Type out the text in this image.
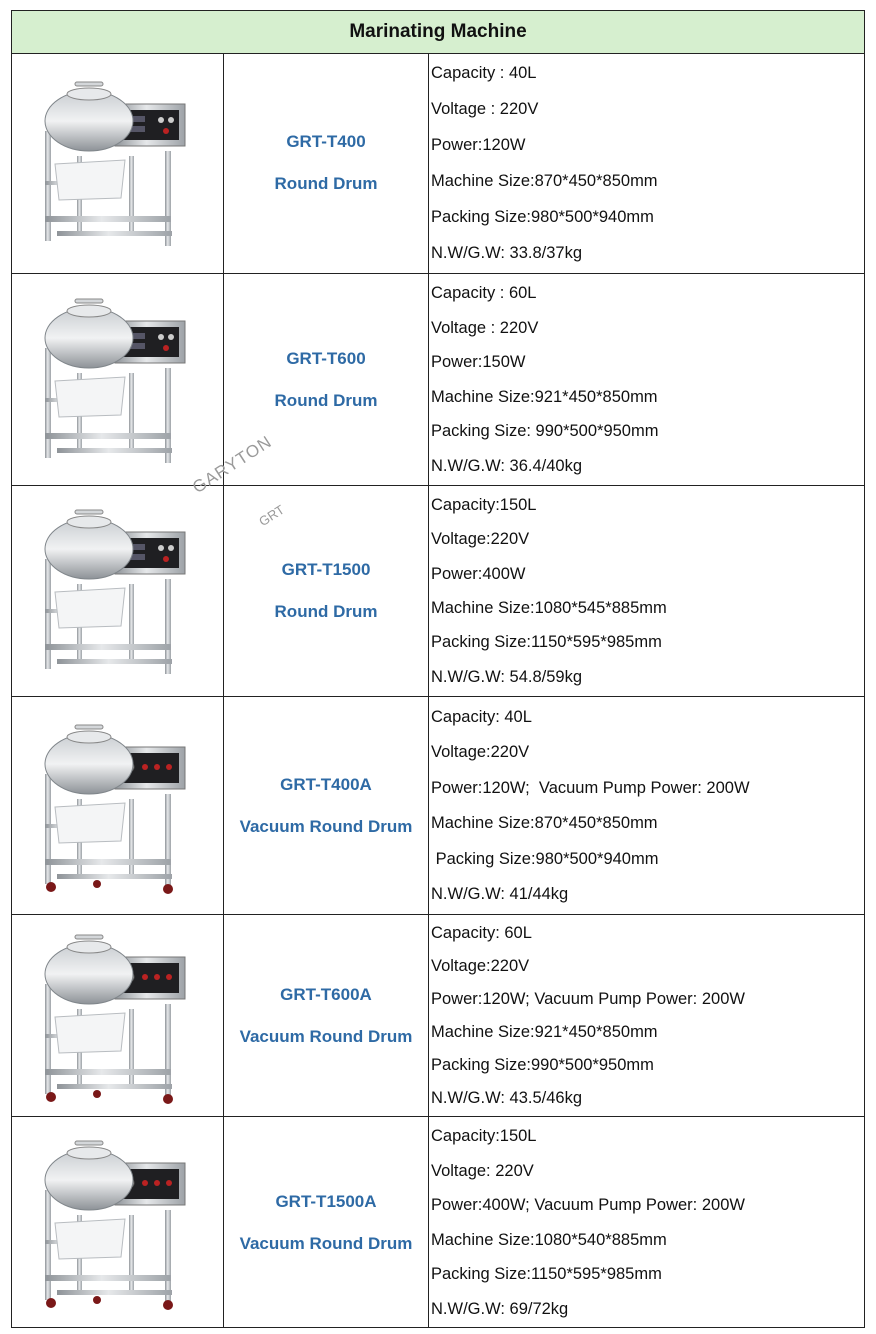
Marinating Machine
GRT-T400
Round Drum
Capacity : 40L
Voltage : 220V
Power:120W
Machine Size:870*450*850mm
Packing Size:980*500*940mm
N.W/G.W: 33.8/37kg
GRT-T600
Round Drum
Capacity : 60L
Voltage : 220V
Power:150W
Machine Size:921*450*850mm
Packing Size: 990*500*950mm
N.W/G.W: 36.4/40kg
GRT-T1500
Round Drum
Capacity:150L
Voltage:220V
Power:400W
Machine Size:1080*545*885mm
Packing Size:1150*595*985mm
N.W/G.W: 54.8/59kg
GRT-T400A
Vacuum Round Drum
Capacity: 40L
Voltage:220V
Power:120W;  Vacuum Pump Power: 200W
Machine Size:870*450*850mm
Packing Size:980*500*940mm
N.W/G.W: 41/44kg
GRT-T600A
Vacuum Round Drum
Capacity: 60L
Voltage:220V
Power:120W; Vacuum Pump Power: 200W
Machine Size:921*450*850mm
Packing Size:990*500*950mm
N.W/G.W: 43.5/46kg
GRT-T1500A
Vacuum Round Drum
Capacity:150L
Voltage: 220V
Power:400W; Vacuum Pump Power: 200W
Machine Size:1080*540*885mm
Packing Size:1150*595*985mm
N.W/G.W: 69/72kg
GARYTON
GRT
